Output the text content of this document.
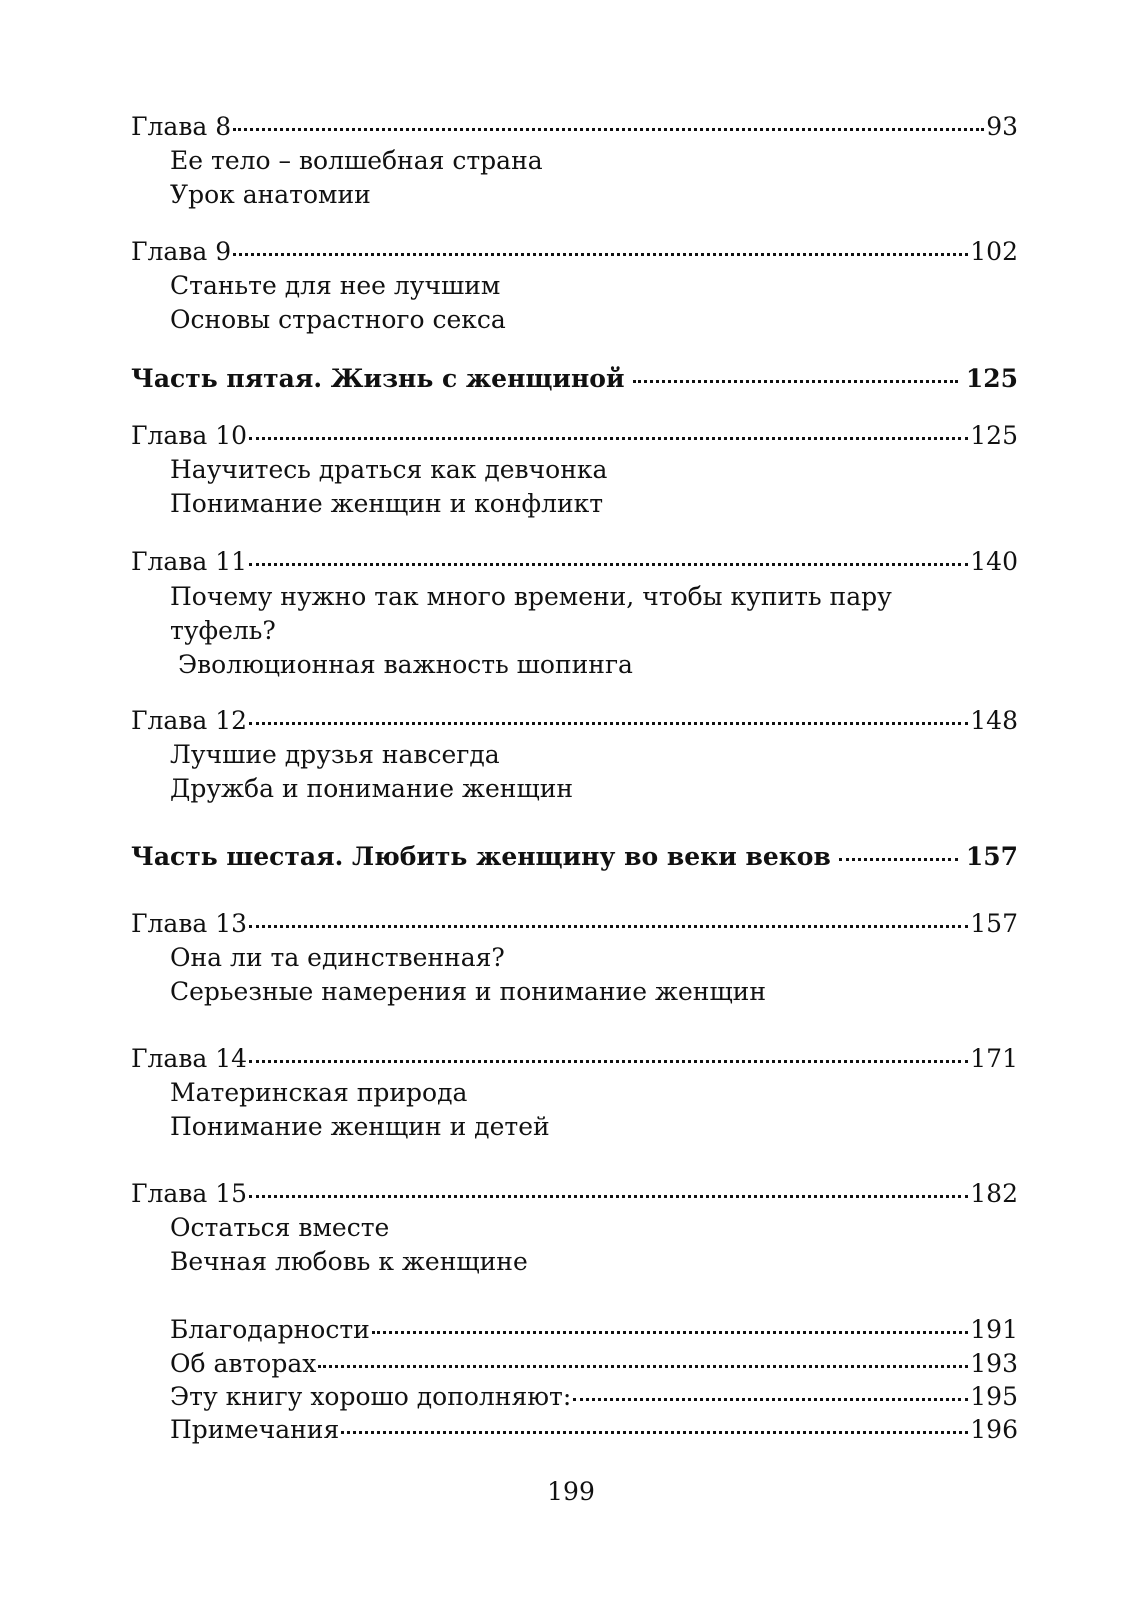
Глава 8	93
Ее тело – волшебная страна
Урок анатомии
Глава 9	102
Станьте для нее лучшим
Основы страстного секса
Часть пятая. Жизнь с женщиной	125
Глава 10	125
Научитесь драться как девчонка
Понимание женщин и конфликт
Глава 11	140
Почему нужно так много времени, чтобы купить пару
туфель?
Эволюционная важность шопинга
Глава 12	148
Лучшие друзья навсегда
Дружба и понимание женщин
Часть шестая. Любить женщину во веки веков	157
Глава 13	157
Она ли та единственная?
Серьезные намерения и понимание женщин
Глава 14	171
Материнская природа
Понимание женщин и детей
Глава 15	182
Остаться вместе
Вечная любовь к женщине
Благодарности	191
Об авторах	193
Эту книгу хорошо дополняют:	195
Примечания	196
199
